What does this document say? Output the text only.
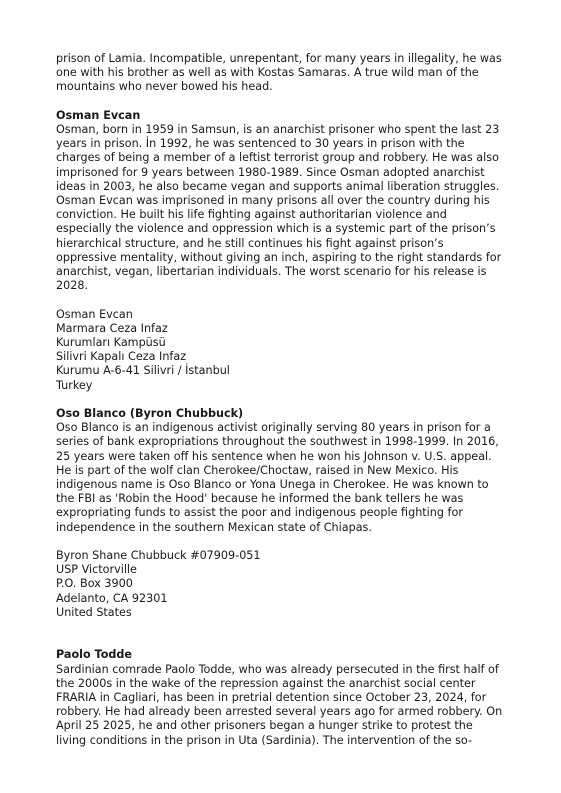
prison of Lamia. Incompatible, unrepentant, for many years in illegality, he was
one with his brother as well as with Kostas Samaras. A true wild man of the
mountains who never bowed his head.

Osman Evcan

Osman, born in 1959 in Samsun, is an anarchist prisoner who spent the last 23
years in prison. İn 1992, he was sentenced to 30 years in prison with the
charges of being a member of a leftist terrorist group and robbery. He was also
imprisoned for 9 years between 1980-1989. Since Osman adopted anarchist
ideas in 2003, he also became vegan and supports animal liberation struggles.
Osman Evcan was imprisoned in many prisons all over the country during his
conviction. He built his life fighting against authoritarian violence and
especially the violence and oppression which is a systemic part of the prison’s
hierarchical structure, and he still continues his fight against prison’s
oppressive mentality, without giving an inch, aspiring to the right standards for
anarchist, vegan, libertarian individuals. The worst scenario for his release is
2028.

Osman Evcan

Marmara Ceza Infaz

Kurumları Kampüsü

Silivri Kapalı Ceza Infaz

Kurumu A-6-41 Silivri / İstanbul

Turkey

Oso Blanco (Byron Chubbuck)

Oso Blanco is an indigenous activist originally serving 80 years in prison for a
series of bank expropriations throughout the southwest in 1998-1999. In 2016,
25 years were taken off his sentence when he won his Johnson v. U.S. appeal.
He is part of the wolf clan Cherokee/Choctaw, raised in New Mexico. His
indigenous name is Oso Blanco or Yona Unega in Cherokee. He was known to
the FBI as 'Robin the Hood' because he informed the bank tellers he was
expropriating funds to assist the poor and indigenous people fighting for
independence in the southern Mexican state of Chiapas.

Byron Shane Chubbuck #07909-051

USP Victorville

P.O. Box 3900

Adelanto, CA 92301

United States

Paolo Todde

Sardinian comrade Paolo Todde, who was already persecuted in the first half of
the 2000s in the wake of the repression against the anarchist social center
FRARIA in Cagliari, has been in pretrial detention since October 23, 2024, for
robbery. He had already been arrested several years ago for armed robbery. On
April 25 2025, he and other prisoners began a hunger strike to protest the
living conditions in the prison in Uta (Sardinia). The intervention of the so-
